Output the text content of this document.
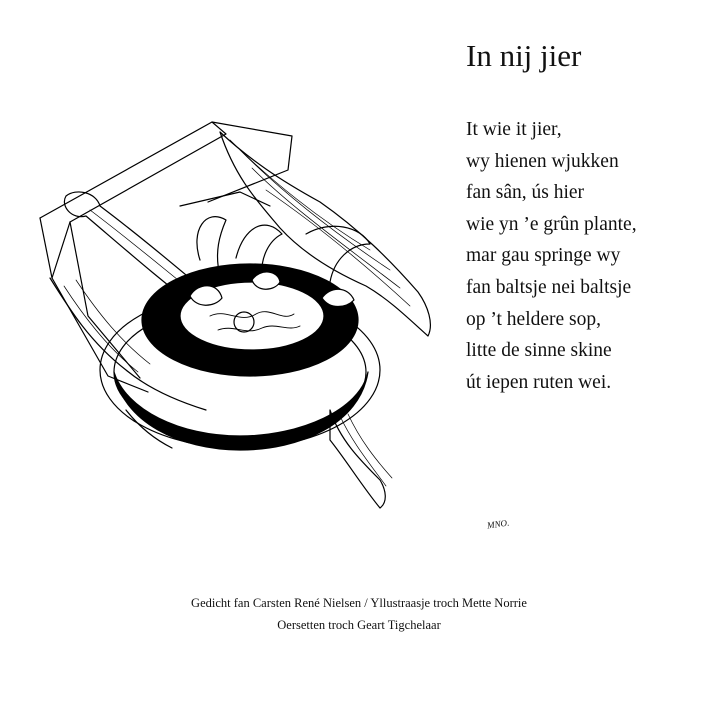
In nij jier
It wie it jier,
wy hienen wjukken
fan sân, ús hier
wie yn ’e grûn plante,
mar gau springe wy
fan baltsje nei baltsje
op ’t heldere sop,
litte de sinne skine
út iepen ruten wei.
MNO.
Gedicht fan Carsten René Nielsen / Yllustraasje troch Mette Norrie
Oersetten troch Geart Tigchelaar
